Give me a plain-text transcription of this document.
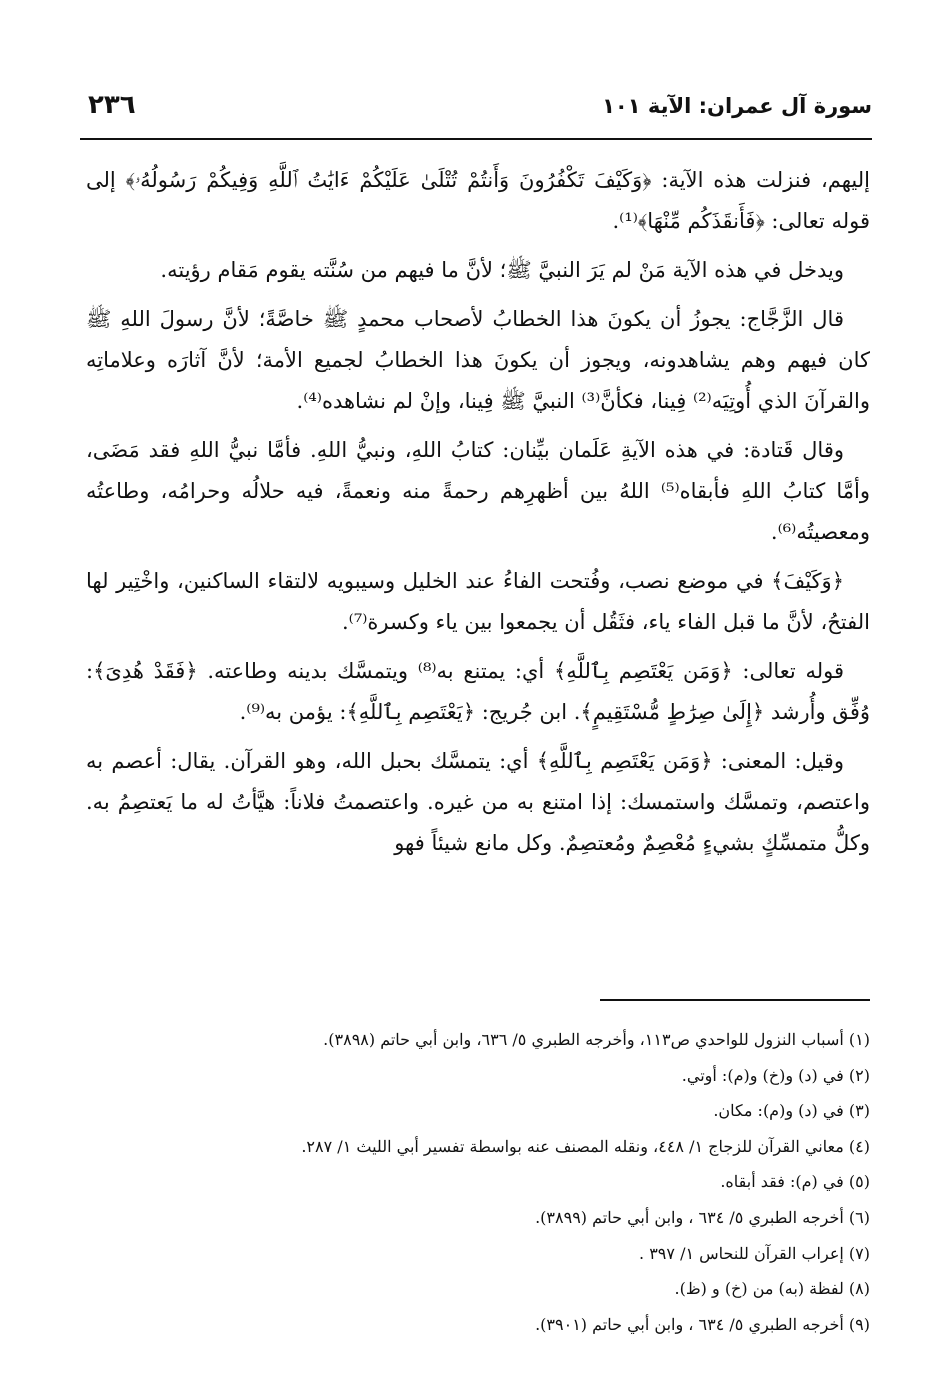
سورة آل عمران: الآية ١٠١
٢٣٦

إليهم، فنزلت هذه الآية: ﴿وَكَيْفَ تَكْفُرُونَ وَأَنتُمْ تُتْلَىٰ عَلَيْكُمْ ءَايَٰتُ ٱللَّهِ وَفِيكُمْ رَسُولُهُۥ﴾ إلى قوله تعالى: ﴿فَأَنقَذَكُم مِّنْهَا﴾⁽¹⁾.

ويدخل في هذه الآية مَنْ لم يَرَ النبيَّ ﷺ؛ لأنَّ ما فيهم من سُنَّته يقوم مَقام رؤيته.

قال الزَّجَّاج: يجوزُ أن يكونَ هذا الخطابُ لأصحاب محمدٍ ﷺ خاصَّةً؛ لأنَّ رسولَ اللهِ ﷺ كان فيهم وهم يشاهدونه، ويجوز أن يكونَ هذا الخطابُ لجميع الأمة؛ لأنَّ آثارَه وعلاماتِه والقرآنَ الذي أُوتِيَه⁽²⁾ فِينا، فكأنَّ⁽³⁾ النبيَّ ﷺ فِينا، وإنْ لم نشاهده⁽⁴⁾.

وقال قَتادة: في هذه الآيةِ عَلَمان بيِّنان: كتابُ اللهِ، ونبيُّ اللهِ. فأمَّا نبيُّ اللهِ فقد مَضَى، وأمَّا كتابُ اللهِ فأبقاه⁽⁵⁾ اللهُ بين أظهرِهم رحمةً منه ونعمةً، فيه حلالُه وحرامُه، وطاعتُه ومعصيتُه⁽⁶⁾.

﴿وَكَيْفَ﴾ في موضع نصب، وفُتحت الفاءُ عند الخليل وسيبويه لالتقاء الساكنين، واخْتِير لها الفتحُ، لأنَّ ما قبل الفاء ياء، فثَقُل أن يجمعوا بين ياء وكسرة⁽⁷⁾.

قوله تعالى: ﴿وَمَن يَعْتَصِم بِٱللَّهِ﴾ أي: يمتنع به⁽⁸⁾ ويتمسَّك بدينه وطاعته. ﴿فَقَدْ هُدِىَ﴾: وُفِّق وأُرشد ﴿إِلَىٰ صِرَٰطٍ مُّسْتَقِيمٍ﴾. ابن جُريج: ﴿يَعْتَصِم بِٱللَّهِ﴾: يؤمن به⁽⁹⁾.

وقيل: المعنى: ﴿وَمَن يَعْتَصِم بِٱللَّهِ﴾ أي: يتمسَّك بحبل الله، وهو القرآن. يقال: أعصم به واعتصم، وتمسَّك واستمسك: إذا امتنع به من غيره. واعتصمتُ فلاناً: هيَّأتُ له ما يَعتصِمُ به. وكلُّ متمسِّكٍ بشيءٍ مُعْصِمٌ ومُعتصِمٌ. وكل مانع شيئاً فهو

(١) أسباب النزول للواحدي ص١١٣، وأخرجه الطبري ٥/ ٦٣٦، وابن أبي حاتم (٣٨٩٨).

(٢) في (د) و(خ) و(م): أوتي.

(٣) في (د) و(م): مكان.

(٤) معاني القرآن للزجاج ١/ ٤٤٨، ونقله المصنف عنه بواسطة تفسير أبي الليث ١/ ٢٨٧.

(٥) في (م): فقد أبقاه.

(٦) أخرجه الطبري ٥/ ٦٣٤ ، وابن أبي حاتم (٣٨٩٩).

(٧) إعراب القرآن للنحاس ١/ ٣٩٧ .

(٨) لفظة (به) من (خ) و (ظ).

(٩) أخرجه الطبري ٥/ ٦٣٤ ، وابن أبي حاتم (٣٩٠١).
